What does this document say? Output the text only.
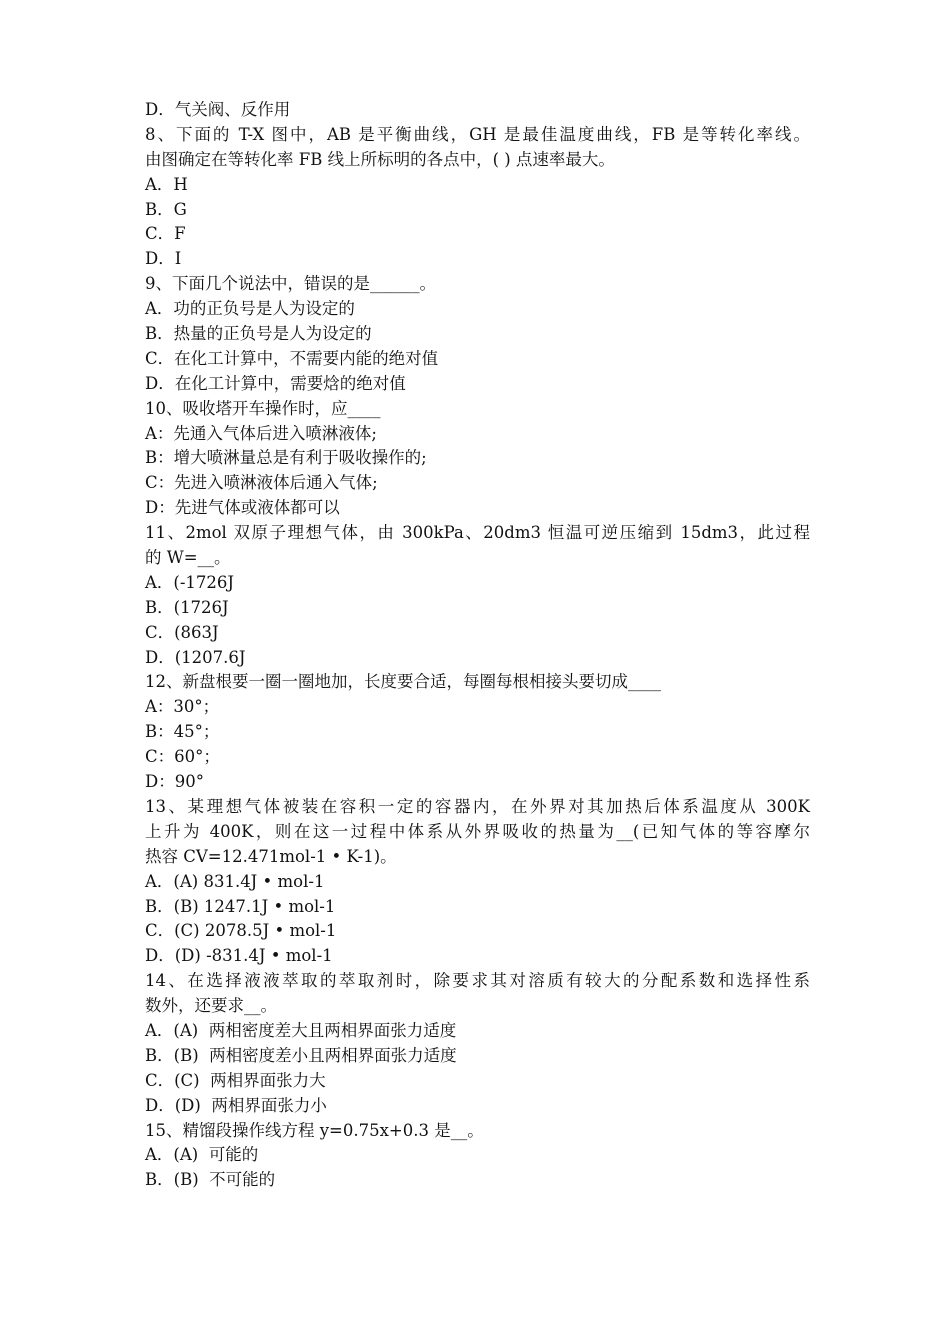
D．气关阀、反作用
8、下面的 T-X 图中，AB 是平衡曲线，GH 是最佳温度曲线，FB 是等转化率线。
由图确定在等转化率 FB 线上所标明的各点中，( ) 点速率最大。
A．H
B．G
C．F
D．I
9、下面几个说法中，错误的是______。
A．功的正负号是人为设定的
B．热量的正负号是人为设定的
C．在化工计算中，不需要内能的绝对值
D．在化工计算中，需要焓的绝对值
10、吸收塔开车操作时，应____
A：先通入气体后进入喷淋液体;
B：增大喷淋量总是有利于吸收操作的;
C：先进入喷淋液体后通入气体;
D：先进气体或液体都可以
11、2mol 双原子理想气体，由 300kPa、20dm3 恒温可逆压缩到 15dm3，此过程
的 W=__。
A．(-1726J
B．(1726J
C．(863J
D．(1207.6J
12、新盘根要一圈一圈地加，长度要合适，每圈每根相接头要切成____
A：30°；
B：45°；
C：60°；
D：90°
13、某理想气体被装在容积一定的容器内，在外界对其加热后体系温度从 300K
上升为 400K，则在这一过程中体系从外界吸收的热量为__(已知气体的等容摩尔
热容 CV=12.471mol-1 • K-1)。
A．(A) 831.4J • mol-1
B．(B) 1247.1J • mol-1
C．(C) 2078.5J • mol-1
D．(D) -831.4J • mol-1
14、在选择液液萃取的萃取剂时，除要求其对溶质有较大的分配系数和选择性系
数外，还要求__。
A．(A)  两相密度差大且两相界面张力适度
B．(B)  两相密度差小且两相界面张力适度
C．(C)  两相界面张力大
D．(D)  两相界面张力小
15、精馏段操作线方程 y=0.75x+0.3 是__。
A．(A)  可能的
B．(B)  不可能的
